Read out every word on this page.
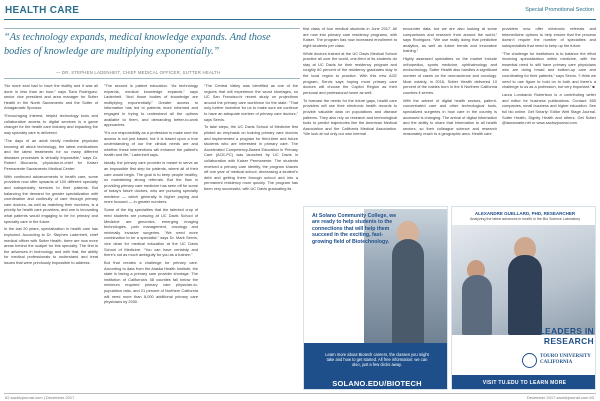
HEALTH CARE	Special Promotional Section
“As technology expands, medical knowledge expands. And those bodies of knowledge are multiplying exponentially.”
— DR. STEPHEN LADENHEIT, CHIEF MEDICAL OFFICER, SUTTER HEALTH

“No more zeal had to have the facility and it was all done in less than an hour,” says Tiara Rodriguez, senior vice president and area manager for Sutter Health in the North Sacramento and the Sutter of Amagamatic Sponsor.

“Encouraging interest, helpful technology tools and collaborative access to digital services is a game changer for the health care industry and impacting the way specialty care is delivered.

“The days of an adult family medicine physician knowing all about technology, the latest medications and the latest treatments for so many different diseases processes is virtually impossible,” says Dr. Robert Nkonzela, physician-in-chief for Kaiser Permanente Sacramento Medical Center.

With continued advancements in health care, some providers now offer upwards of 100 different specialty and subspecialty services to their patients. But balancing the demand for greater specialization with coordination and continuity of care through primary care doctors, as well as matching their numbers, is a priority for health care providers, and one is innovating what patients would engaging to be for primary and specialty care in the future.

In the last 20 years, specialization in health care has exploded. According to Dr. Stephen Ladenheit, chief medical officer with Sutter Health, there are now more areas behind the scalpel for this specialty. The first is the advances in technology and with that, the ability for medical professionals to understand and treat issues that were previously impossible to address.

“The second is patient education. “As technology expands, medical knowledge expands,” says Ladenheit. “And those bodies of knowledge are multiplying exponentially.” Greater access to information has led to patients more informed and engaged in trying to understand all the options available to them, and demanding better-to-work approaches.

“It’s our responsibility as a profession to make sure the access is not just based, but it is based upon a true understanding of our the clinical needs are and whether these interventions will enhance the patient’s health and life,” Ladenheit says.

Ideally, the primary care provider is meant to serve as an impossible first step for patients, where all of their care would begin. The goal is to keep people healthy, so maintaining strong referrals. But the flow in providing primary care medicine has seen off for some of today’s future doctors, who are pursuing specialty medicine — which generally is higher paying and more focused — in greater numbers.

Some of the big specialties that the talented crop of med students are pursuing at UC Davis School of Medicine are genomics, emerging imaging technologies, pain management, oncology and minimally invasive surgeries. “We need more combination to be a specialist,” says Dr. Mark Servis, vice dean for medical education at the UC Davis School of Medicine. “You can have certainty and there’s not as much ambiguity for you as a trainee.”

But that creates a challenge for primary care. According to data from the Alaska Health Institute, the state is facing a primary care provider shortage. The institution of California’s 58 counties fall below the minimum required primary care physician-to-population ratio, and 21 percent of Northern California will need more than 8,000 additional primary care physicians by 2030.

“The Central Valley was identified as one of the regions that will experience the worst shortages, so UC San Francisco’s recent study on projections around the primary care workforce for the state. “That only further incentive for us to make sure we continue to have an adequate number of primary care doctors,” says Servis.

To take steps, the UC Davis School of Medicine first piloted an emphasis on training primary care doctors and implemented a program for third-time and future students who are interested in primary care. The Accelerated Competency-Based Education in Primary Care (ACE-PC) was launched by UC Davis in collaboration with Kaiser Permanente. The students received a primary care identity, the program shaves off one year of medical school, decreasing a student’s debt and getting them through school and into a permanent residency more quickly. The program has been very successful, with UC Davis graduating its

first class of four medical students in June 2017. All are now into primary care residency programs, with Kaiser. The program has now increased enrollment to eight students per class.

While doctors trained at the UC Davis Medical School practice all over the world, one-third of its students do stay at UC Davis for their residency program and roughly 60 percent of the residency graduates stay in the local region to practice. With this new ACE program, Servis says hoping more primary care doctors will choose the Capitol Region as their personal and professional home as well.

To forecast the needs for the future gaps, health care providers will use their electronic health records to provide valuable data on populations and disease patterns. They also rely on research and technological tools to predict trajectories like the American Medical Association and the California Medical Association. “We look at not only our own internal

encounter data, but we are also looking at some comparisons and research from around the world,” says Rodriguez. “We use really doing that predictive analytics, as well as future trends and innovative training.”

Highly assessed specialties on the market include orthopedics, sports medicine, ophthalmology and endocrinology. Sutter Health also handles a significant number of cases on the neuroscience and oncology. Most notably, in 2016, Sutter Health delivered 10 percent of the babies born in the 6 Northern California counties it serves.

With the advent of digital health sectors, patient-concentrated care and other technological tools, specialized surgeries in how care in the country is accessed is changing. The arrival of digital information and the ability to share that information to all health sectors, so their colleague science and research reasonably reach to a geographic area. Health care

providers now offer electronic referrals and telemedicine options to help ensure that the process doesn’t require the number of specialties and subspecialists that need to keep up the future.

“The challenge for institutions is to balance the effort involving specialization within medicine, with the essential need to still have primary care physicians who are doing broad and bottom-up care and coordinating for their patients,” says Servis. “I think we need to use figure to hold on to both and there’s a challenge to us as a profession, but very important.” ■

Laura Lombardo Robertson is a contributing writer and editor for business publications. Contact: 555 companies, small business and higher education. See full bio online. Get Smarty: Editor Well Stage Journal. Sutter Health, Dignity Health and others. Get Sutter @lauramarie.net or www.sacbizjournal.com.

At Solano Community College, we are ready to help students to the connections that will help them succeed in the exciting, fast-growing field of Biotechnology.
Learn more about Biotech careers, the classes you might take and how to get started. All free information: we can also, just a few clicks away.
SOLANO.EDU/BIOTECH
ALEXANDRE GUELLARD, PHD, RESEARCHER
Analyzing the latest advances in health in the Bio Science Laboratory
LEADERS IN RESEARCH
TOURO UNIVERSITY CALIFORNIA
VISIT TU.EDU TO LEARN MORE
62 sacbizjournal.com | December 2017	December 2017 sacbizjournal.com 63
